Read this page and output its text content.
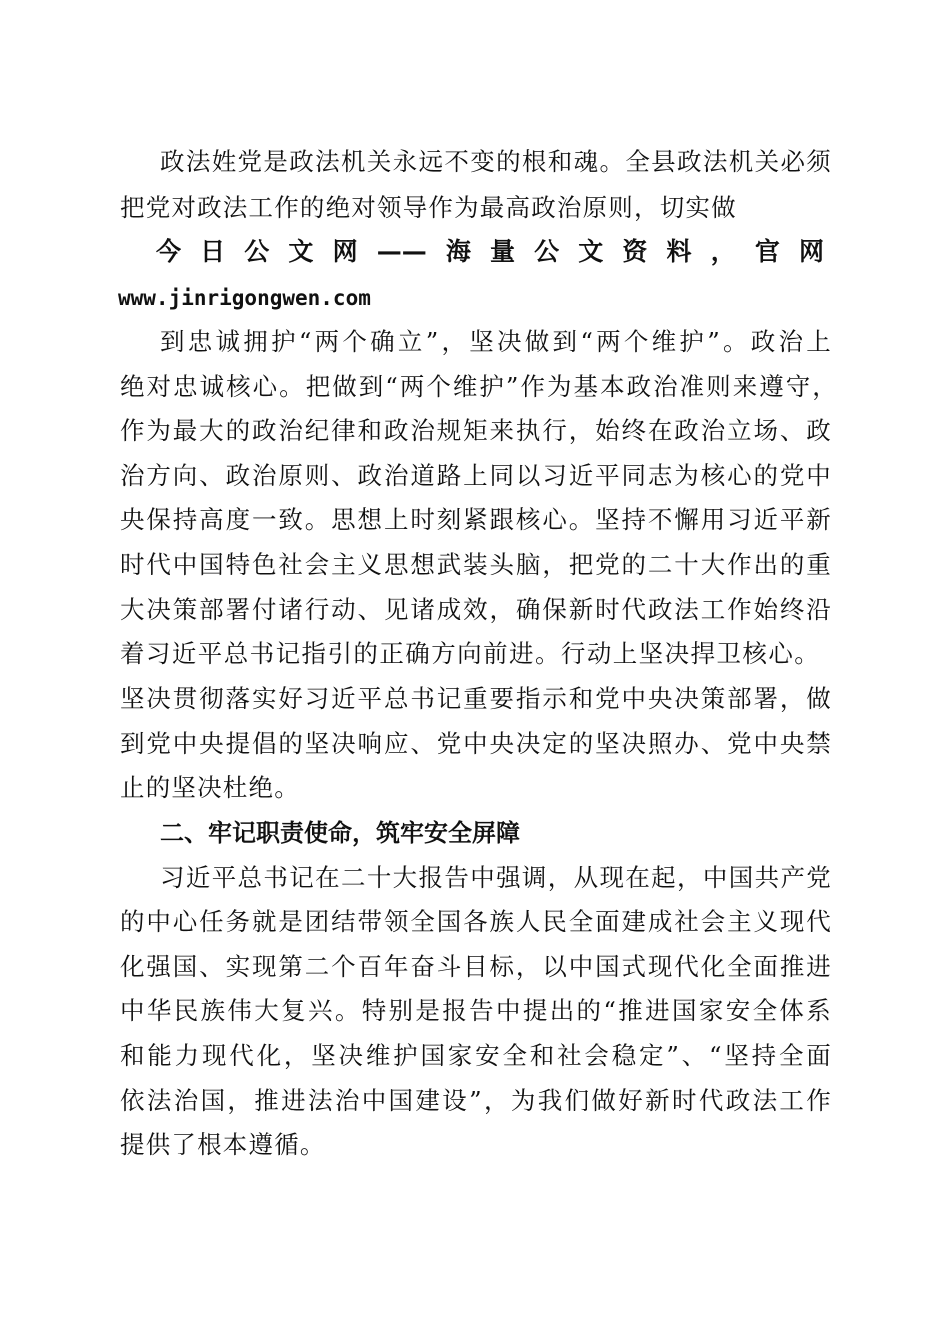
政法姓党是政法机关永远不变的根和魂。全县政法机关必须
把党对政法工作的绝对领导作为最高政治原则，切实做
今日公文网——海量公文资料，官网
www.jinrigongwen.com
到忠诚拥护“两个确立”，坚决做到“两个维护”。政治上
绝对忠诚核心。把做到“两个维护”作为基本政治准则来遵守，
作为最大的政治纪律和政治规矩来执行，始终在政治立场、政
治方向、政治原则、政治道路上同以习近平同志为核心的党中
央保持高度一致。思想上时刻紧跟核心。坚持不懈用习近平新
时代中国特色社会主义思想武装头脑，把党的二十大作出的重
大决策部署付诸行动、见诸成效，确保新时代政法工作始终沿
着习近平总书记指引的正确方向前进。行动上坚决捍卫核心。
坚决贯彻落实好习近平总书记重要指示和党中央决策部署，做
到党中央提倡的坚决响应、党中央决定的坚决照办、党中央禁
止的坚决杜绝。
二、牢记职责使命，筑牢安全屏障
习近平总书记在二十大报告中强调，从现在起，中国共产党
的中心任务就是团结带领全国各族人民全面建成社会主义现代
化强国、实现第二个百年奋斗目标，以中国式现代化全面推进
中华民族伟大复兴。特别是报告中提出的“推进国家安全体系
和能力现代化，坚决维护国家安全和社会稳定”、“坚持全面
依法治国，推进法治中国建设”，为我们做好新时代政法工作
提供了根本遵循。
